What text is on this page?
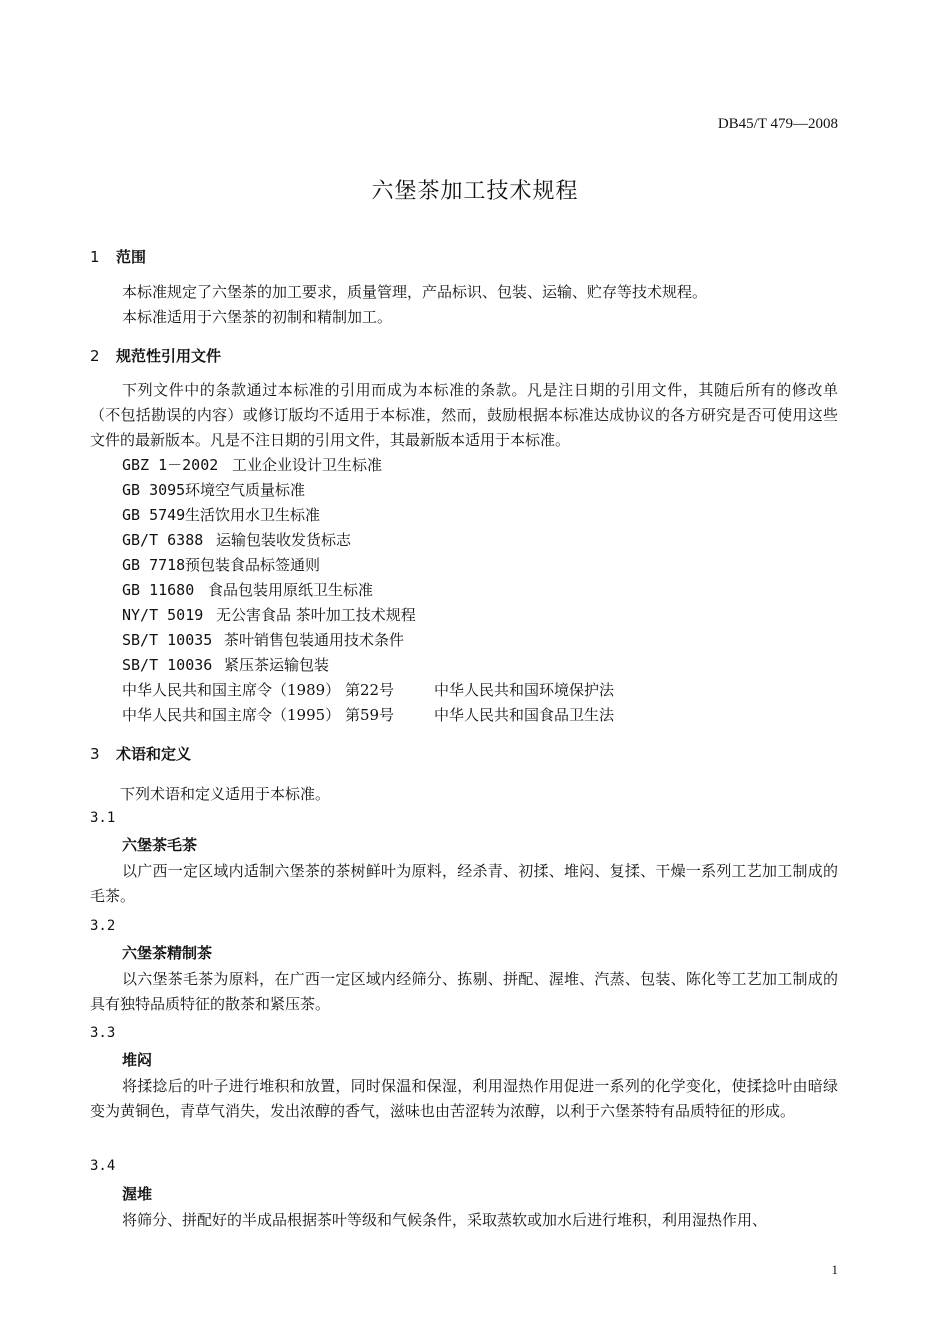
DB45/T 479—2008
六堡茶加工技术规程
1 范围
本标准规定了六堡茶的加工要求，质量管理，产品标识、包装、运输、贮存等技术规程。
本标准适用于六堡茶的初制和精制加工。
2 规范性引用文件
下列文件中的条款通过本标准的引用而成为本标准的条款。凡是注日期的引用文件，其随后所有的修改单（不包括勘误的内容）或修订版均不适用于本标准，然而，鼓励根据本标准达成协议的各方研究是否可使用这些文件的最新版本。凡是不注日期的引用文件，其最新版本适用于本标准。
GBZ 1－2002 工业企业设计卫生标准
GB 3095环境空气质量标准
GB 5749生活饮用水卫生标准
GB/T 6388 运输包装收发货标志
GB 7718预包装食品标签通则
GB 11680 食品包装用原纸卫生标准
NY/T 5019 无公害食品 茶叶加工技术规程
SB/T 10035 茶叶销售包装通用技术条件
SB/T 10036 紧压茶运输包装
中华人民共和国主席令（1989） 第22号	中华人民共和国环境保护法
中华人民共和国主席令（1995） 第59号	中华人民共和国食品卫生法
3 术语和定义
下列术语和定义适用于本标准。
3.1
六堡茶毛茶
以广西一定区域内适制六堡茶的茶树鲜叶为原料，经杀青、初揉、堆闷、复揉、干燥一系列工艺加工制成的毛茶。
3.2
六堡茶精制茶
以六堡茶毛茶为原料，在广西一定区域内经筛分、拣剔、拼配、渥堆、汽蒸、包装、陈化等工艺加工制成的具有独特品质特征的散茶和紧压茶。
3.3
堆闷
将揉捻后的叶子进行堆积和放置，同时保温和保湿，利用湿热作用促进一系列的化学变化，使揉捻叶由暗绿变为黄铜色，青草气消失，发出浓醇的香气，滋味也由苦涩转为浓醇，以利于六堡茶特有品质特征的形成。
3.4
渥堆
将筛分、拼配好的半成品根据茶叶等级和气候条件，采取蒸软或加水后进行堆积，利用湿热作用、
1
